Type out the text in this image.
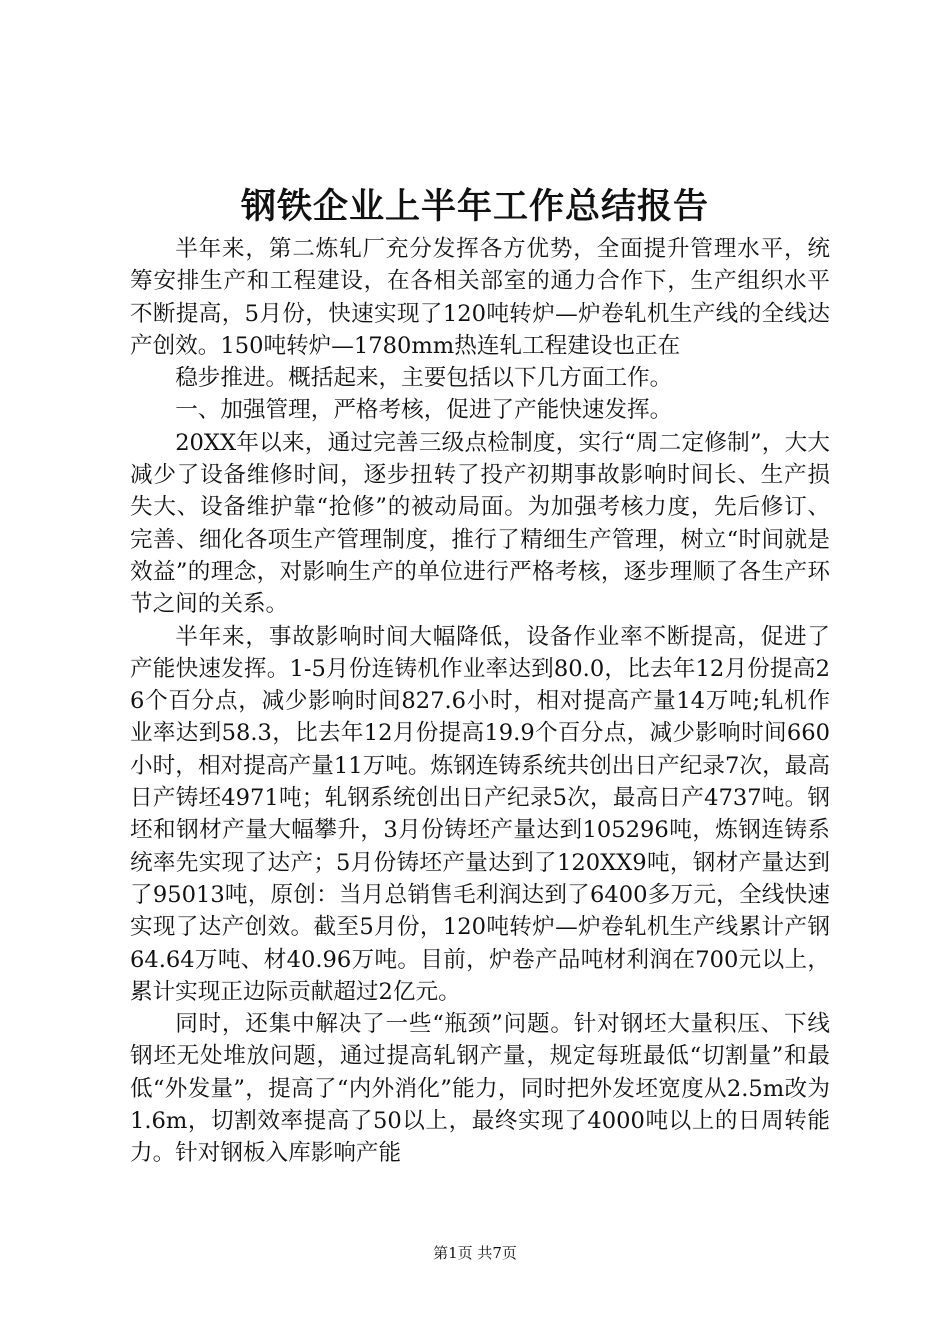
钢铁企业上半年工作总结报告

半年来，第二炼轧厂充分发挥各方优势，全面提升管理水平，统筹安排生产和工程建设，在各相关部室的通力合作下，生产组织水平不断提高，5月份，快速实现了120吨转炉—炉卷轧机生产线的全线达产创效。150吨转炉—1780mm热连轧工程建设也正在

稳步推进。概括起来，主要包括以下几方面工作。

一、加强管理，严格考核，促进了产能快速发挥。

20XX年以来，通过完善三级点检制度，实行“周二定修制”，大大减少了设备维修时间，逐步扭转了投产初期事故影响时间长、生产损失大、设备维护靠“抢修”的被动局面。为加强考核力度，先后修订、完善、细化各项生产管理制度，推行了精细生产管理，树立“时间就是效益”的理念，对影响生产的单位进行严格考核，逐步理顺了各生产环节之间的关系。

半年来，事故影响时间大幅降低，设备作业率不断提高，促进了产能快速发挥。1-5月份连铸机作业率达到80.0，比去年12月份提高26个百分点，减少影响时间827.6小时，相对提高产量14万吨;轧机作业率达到58.3，比去年12月份提高19.9个百分点，减少影响时间660小时，相对提高产量11万吨。炼钢连铸系统共创出日产纪录7次，最高日产铸坯4971吨；轧钢系统创出日产纪录5次，最高日产4737吨。钢坯和钢材产量大幅攀升，3月份铸坯产量达到105296吨，炼钢连铸系统率先实现了达产；5月份铸坯产量达到了120XX9吨，钢材产量达到了95013吨，原创：当月总销售毛利润达到了6400多万元，全线快速实现了达产创效。截至5月份，120吨转炉—炉卷轧机生产线累计产钢64.64万吨、材40.96万吨。目前，炉卷产品吨材利润在700元以上，累计实现正边际贡献超过2亿元。

同时，还集中解决了一些“瓶颈”问题。针对钢坯大量积压、下线钢坯无处堆放问题，通过提高轧钢产量，规定每班最低“切割量”和最低“外发量”，提高了“内外消化”能力，同时把外发坯宽度从2.5m改为1.6m，切割效率提高了50以上，最终实现了4000吨以上的日周转能力。针对钢板入库影响产能

第1页 共7页
